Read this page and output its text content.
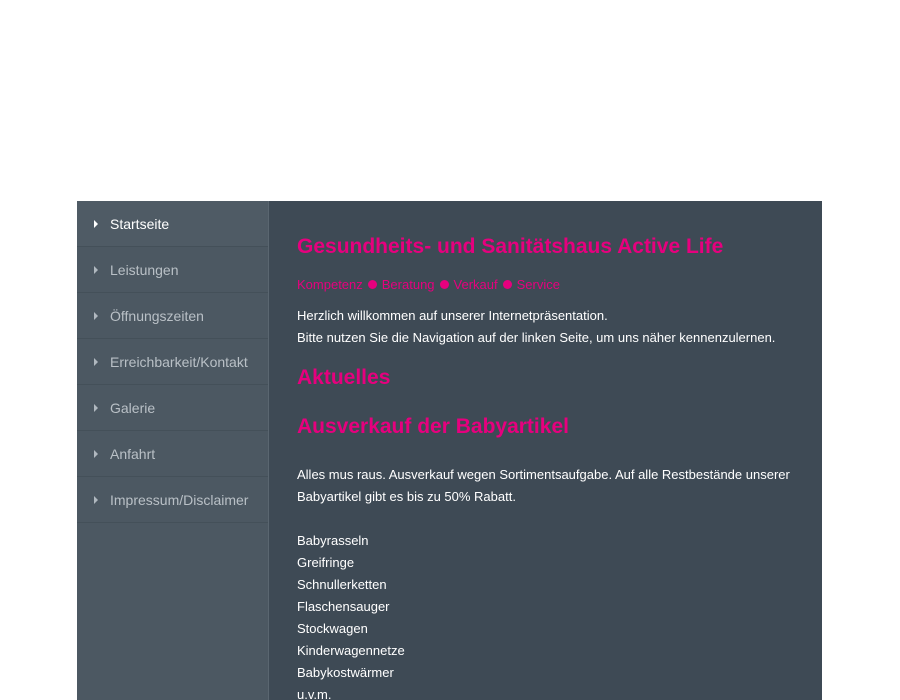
Startseite
Leistungen
Öffnungszeiten
Erreichbarkeit/Kontakt
Galerie
Anfahrt
Impressum/Disclaimer
Gesundheits- und Sanitätshaus Active Life
Kompetenz Beratung Verkauf Service

Herzlich willkommen auf unserer Internetpräsentation.

Bitte nutzen Sie die Navigation auf der linken Seite, um uns näher kennenzulernen.

Aktuelles
Ausverkauf der Babyartikel

Alles mus raus. Ausverkauf wegen Sortimentsaufgabe. Auf alle Restbestände unserer Babyartikel gibt es bis zu 50% Rabatt.

Babyrasseln
Greifringe
Schnullerketten
Flaschensauger
Stockwagen
Kinderwagennetze
Babykostwärmer
u.v.m.
